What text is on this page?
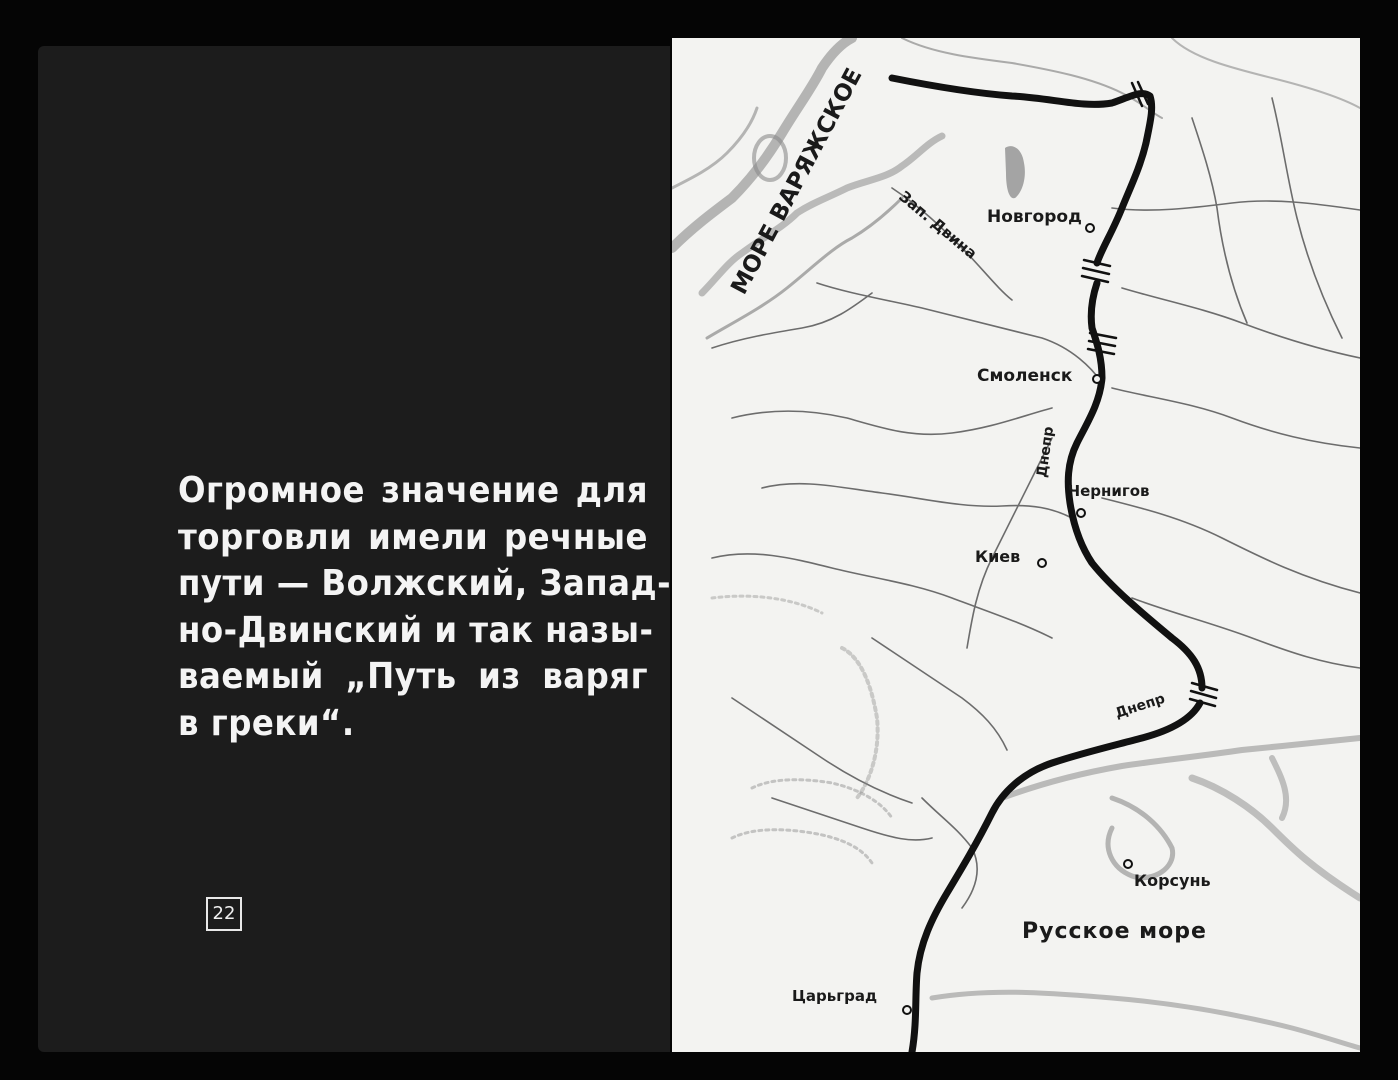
Огромное значение для
торговли имели речные
пути — Волжский, Запад-
но-Двинский и так назы-
ваемый „Путь из варяг
в греки“.
22
МОРЕ ВАРЯЖСКОЕ Зап. Двина Новгород
Смоленск
Днепр
Чернигов
Киев
Днепр
Корсунь
Русское море
Царьград
